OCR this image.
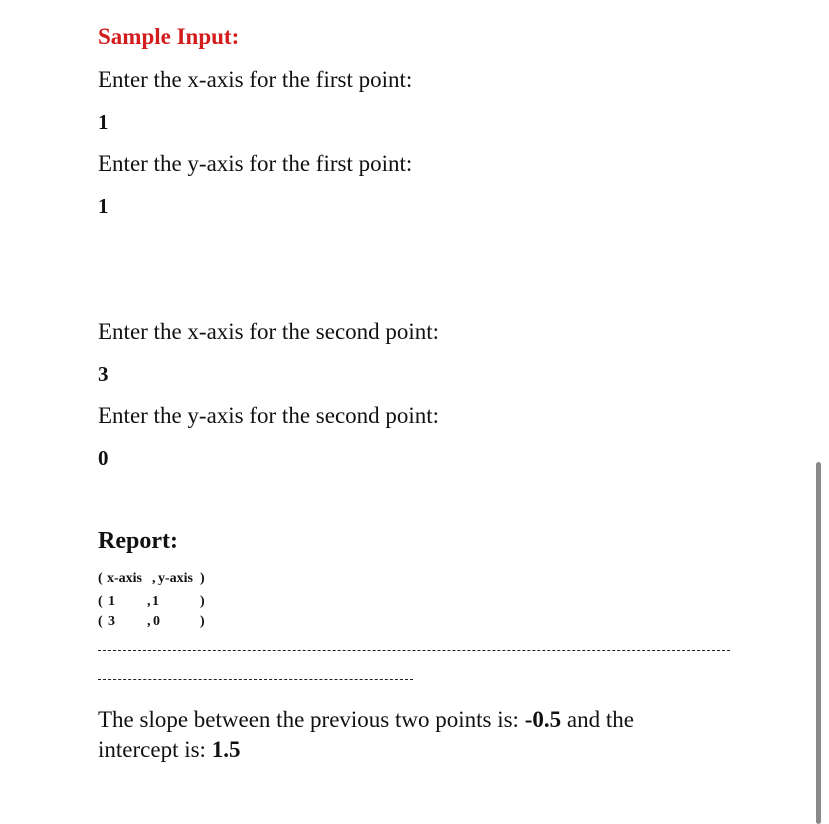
Sample Input:
Enter the x-axis for the first point:
1
Enter the y-axis for the first point:
1
Enter the x-axis for the second point:
3
Enter the y-axis for the second point:
0
Report:
( x-axis , y-axis )
( 1 , 1	)
( 3 , 0	)
The slope between the previous two points is: -0.5 and the intercept is: 1.5
